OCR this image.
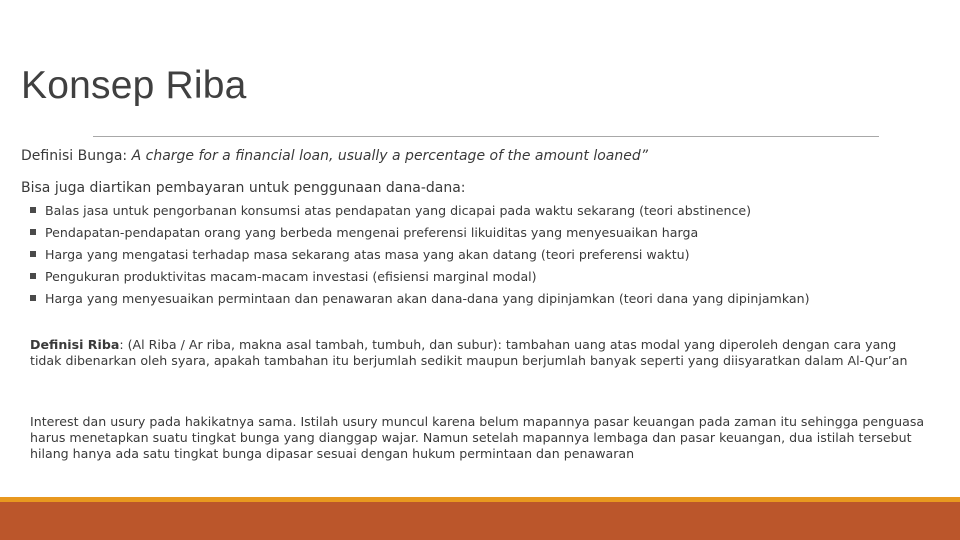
Konsep Riba
Definisi Bunga: A charge for a financial loan, usually a percentage of the amount loaned”
Bisa juga diartikan pembayaran untuk penggunaan dana-dana:
Balas jasa untuk pengorbanan konsumsi atas pendapatan yang dicapai pada waktu sekarang (teori abstinence)
Pendapatan-pendapatan orang yang berbeda mengenai preferensi likuiditas yang menyesuaikan harga
Harga yang mengatasi terhadap masa sekarang atas masa yang akan datang (teori preferensi waktu)
Pengukuran produktivitas macam-macam investasi (efisiensi marginal modal)
Harga yang menyesuaikan permintaan dan penawaran akan dana-dana yang dipinjamkan (teori dana yang dipinjamkan)

Definisi Riba: (Al Riba / Ar riba, makna asal tambah, tumbuh, dan subur): tambahan uang atas modal yang diperoleh dengan cara yang tidak dibenarkan oleh syara, apakah tambahan itu berjumlah sedikit maupun berjumlah banyak seperti yang diisyaratkan dalam Al-Qur’an

Interest dan usury pada hakikatnya sama. Istilah usury muncul karena belum mapannya pasar keuangan pada zaman itu sehingga penguasa harus menetapkan suatu tingkat bunga yang dianggap wajar. Namun setelah mapannya lembaga dan pasar keuangan, dua istilah tersebut hilang hanya ada satu tingkat bunga dipasar sesuai dengan hukum permintaan dan penawaran
